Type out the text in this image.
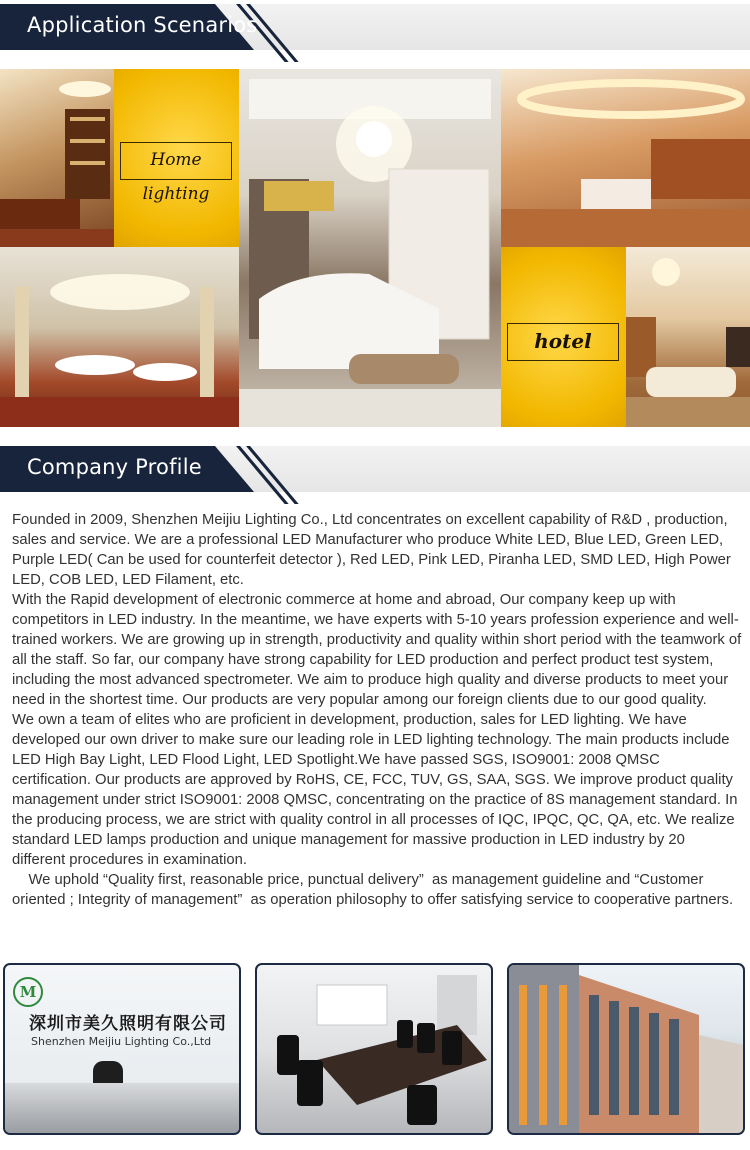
Application Scenarios
Home lighting
hotel
Company Profile

Founded in 2009, Shenzhen Meijiu Lighting Co., Ltd concentrates on excellent capability of R&D , production, sales and service. We are a professional LED Manufacturer who produce White LED, Blue LED, Green LED, Purple LED( Can be used for counterfeit detector ), Red LED, Pink LED, Piranha LED, SMD LED, High Power LED, COB LED, LED Filament, etc.

With the Rapid development of electronic commerce at home and abroad, Our company keep up with competitors in LED industry. In the meantime, we have experts with 5-10 years profession experience and well-trained workers. We are growing up in strength, productivity and quality within short period with the teamwork of all the staff. So far, our company have strong capability for LED production and perfect product test system, including the most advanced spectrometer. We aim to produce high quality and diverse products to meet your need in the shortest time. Our products are very popular among our foreign clients due to our good quality.

We own a team of elites who are proficient in development, production, sales for LED lighting. We have developed our own driver to make sure our leading role in LED lighting technology. The main products include LED High Bay Light, LED Flood Light, LED Spotlight.We have passed SGS, ISO9001: 2008 QMSC certification. Our products are approved by RoHS, CE, FCC, TUV, GS, SAA, SGS. We improve product quality management under strict ISO9001: 2008 QMSC, concentrating on the practice of 8S management standard. In the producing process, we are strict with quality control in all processes of IQC, IPQC, QC, QA, etc. We realize standard LED lamps production and unique management for massive production in LED industry by 20 different procedures in examination.

We uphold “Quality first, reasonable price, punctual delivery”  as management guideline and “Customer oriented ; Integrity of management”  as operation philosophy to offer satisfying service to cooperative partners.

M
深圳市美久照明有限公司
Shenzhen Meijiu Lighting Co.,Ltd
